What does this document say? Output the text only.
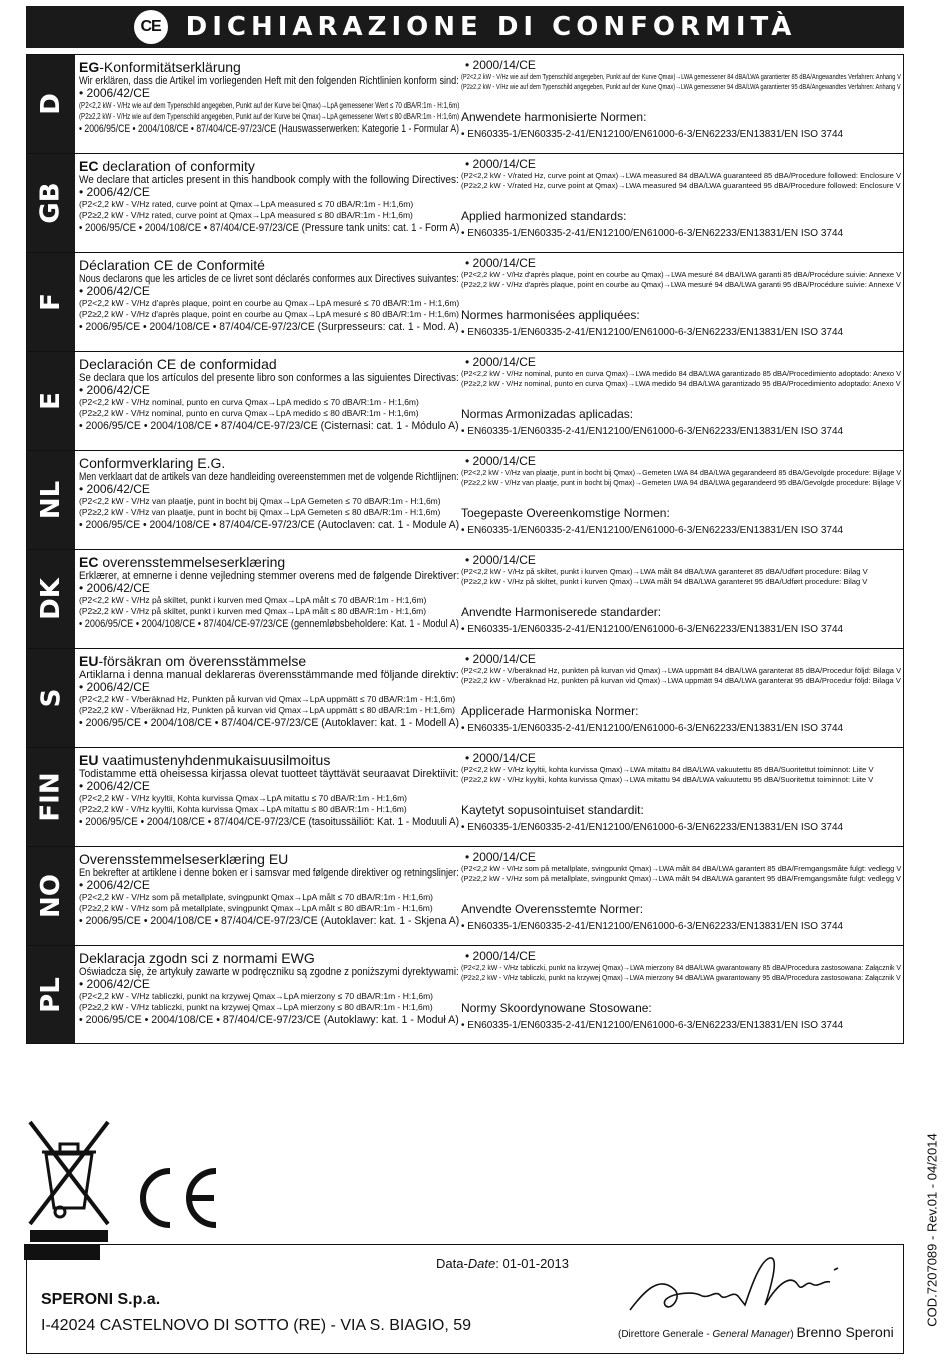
CE DICHIARAZIONE DI CONFORMITÀ
D
EG-Konformitätserklärung
Wir erklären, dass die Artikel im vorliegenden Heft mit den folgenden Richtlinien konform sind:
• 2006/42/CE
(P2<2,2 kW - V/Hz wie auf dem Typenschild angegeben, Punkt auf der Kurve bei Qmax)→LpA gemessener Wert ≤ 70 dBA/R:1m - H:1,6m)
(P2≥2,2 kW - V/Hz wie auf dem Typenschild angegeben, Punkt auf der Kurve bei Qmax)→LpA gemessener Wert ≤ 80 dBA/R:1m - H:1,6m)
• 2006/95/CE • 2004/108/CE • 87/404/CE-97/23/CE (Hauswasserwerken: Kategorie 1 - Formular A)
• 2000/14/CE
(P2<2,2 kW - V/Hz wie auf dem Typenschild angegeben, Punkt auf der Kurve Qmax)→LWA gemessener 84 dBA/LWA garantierter 85 dBA/Angewandtes Verfahren: Anhang V
(P2≥2,2 kW - V/Hz wie auf dem Typenschild angegeben, Punkt auf der Kurve Qmax)→LWA gemessener 94 dBA/LWA garantierter 95 dBA/Angewandtes Verfahren: Anhang V
Anwendete harmonisierte Normen:
• EN60335-1/EN60335-2-41/EN12100/EN61000-6-3/EN62233/EN13831/EN ISO 3744
GB
EC declaration of conformity
We declare that articles present in this handbook comply with the following Directives:
• 2006/42/CE
(P2<2,2 kW - V/Hz rated, curve point at Qmax→LpA measured ≤ 70 dBA/R:1m - H:1,6m)
(P2≥2,2 kW - V/Hz rated, curve point at Qmax→LpA measured ≤ 80 dBA/R:1m - H:1,6m)
• 2006/95/CE • 2004/108/CE • 87/404/CE-97/23/CE (Pressure tank units: cat. 1 - Form A)
• 2000/14/CE
(P2<2,2 kW - V/rated Hz, curve point at Qmax)→LWA measured 84 dBA/LWA guaranteed 85 dBA/Procedure followed: Enclosure V
(P2≥2,2 kW - V/rated Hz, curve point at Qmax)→LWA measured 94 dBA/LWA guaranteed 95 dBA/Procedure followed: Enclosure V
Applied harmonized standards:
• EN60335-1/EN60335-2-41/EN12100/EN61000-6-3/EN62233/EN13831/EN ISO 3744
F
Déclaration CE de Conformité
Nous declarons que les articles de ce livret sont déclarés conformes aux Directives suivantes:
• 2006/42/CE
(P2<2,2 kW - V/Hz d'après plaque, point en courbe au Qmax→LpA mesuré ≤ 70 dBA/R:1m - H:1,6m)
(P2≥2,2 kW - V/Hz d'après plaque, point en courbe au Qmax→LpA mesuré ≤ 80 dBA/R:1m - H:1,6m)
• 2006/95/CE • 2004/108/CE • 87/404/CE-97/23/CE (Surpresseurs: cat. 1 - Mod. A)
• 2000/14/CE
(P2<2,2 kW - V/Hz d'après plaque, point en courbe au Qmax)→LWA mesuré 84 dBA/LWA garanti 85 dBA/Procédure suivie: Annexe V
(P2≥2,2 kW - V/Hz d'après plaque, point en courbe au Qmax)→LWA mesuré 94 dBA/LWA garanti 95 dBA/Procédure suivie: Annexe V
Normes harmonisées appliquées:
• EN60335-1/EN60335-2-41/EN12100/EN61000-6-3/EN62233/EN13831/EN ISO 3744
E
Declaración CE de conformidad
Se declara que los artículos del presente libro son conformes a las siguientes Directivas:
• 2006/42/CE
(P2<2,2 kW - V/Hz nominal, punto en curva Qmax→LpA medido ≤ 70 dBA/R:1m - H:1,6m)
(P2≥2,2 kW - V/Hz nominal, punto en curva Qmax→LpA medido ≤ 80 dBA/R:1m - H:1,6m)
• 2006/95/CE • 2004/108/CE • 87/404/CE-97/23/CE (Cisternasi: cat. 1 - Módulo A)
• 2000/14/CE
(P2<2,2 kW - V/Hz nominal, punto en curva Qmax)→LWA medido 84 dBA/LWA garantizado 85 dBA/Procedimiento adoptado: Anexo V
(P2≥2,2 kW - V/Hz nominal, punto en curva Qmax)→LWA medido 94 dBA/LWA garantizado 95 dBA/Procedimiento adoptado: Anexo V
Normas Armonizadas aplicadas:
• EN60335-1/EN60335-2-41/EN12100/EN61000-6-3/EN62233/EN13831/EN ISO 3744
NL
Conformverklaring E.G.
Men verklaart dat de artikels van deze handleiding overeenstemmen met de volgende Richtlijnen:
• 2006/42/CE
(P2<2,2 kW - V/Hz van plaatje, punt in bocht bij Qmax→LpA Gemeten ≤ 70 dBA/R:1m - H:1,6m)
(P2≥2,2 kW - V/Hz van plaatje, punt in bocht bij Qmax→LpA Gemeten ≤ 80 dBA/R:1m - H:1,6m)
• 2006/95/CE • 2004/108/CE • 87/404/CE-97/23/CE (Autoclaven: cat. 1 - Module A)
• 2000/14/CE
(P2<2,2 kW - V/Hz van plaatje, punt in bocht bij Qmax)→Gemeten LWA 84 dBA/LWA gegarandeerd 85 dBA/Gevolgde procedure: Bijlage V
(P2≥2,2 kW - V/Hz van plaatje, punt in bocht bij Qmax)→Gemeten LWA 94 dBA/LWA gegarandeerd 95 dBA/Gevolgde procedure: Bijlage V
Toegepaste Overeenkomstige Normen:
• EN60335-1/EN60335-2-41/EN12100/EN61000-6-3/EN62233/EN13831/EN ISO 3744
DK
EC overensstemmelseserklæring
Erklærer, at emnerne i denne vejledning stemmer overens med de følgende Direktiver:
• 2006/42/CE
(P2<2,2 kW - V/Hz på skiltet, punkt i kurven med Qmax→LpA målt ≤ 70 dBA/R:1m - H:1,6m)
(P2≥2,2 kW - V/Hz på skiltet, punkt i kurven med Qmax→LpA målt ≤ 80 dBA/R:1m - H:1,6m)
• 2006/95/CE • 2004/108/CE • 87/404/CE-97/23/CE (gennemløbsbeholdere: Kat. 1 - Modul A)
• 2000/14/CE
(P2<2,2 kW - V/Hz på skiltet, punkt i kurven Qmax)→LWA målt 84 dBA/LWA garanteret 85 dBA/Udført procedure: Bilag V
(P2≥2,2 kW - V/Hz på skiltet, punkt i kurven Qmax)→LWA målt 94 dBA/LWA garanteret 95 dBA/Udført procedure: Bilag V
Anvendte Harmoniserede standarder:
• EN60335-1/EN60335-2-41/EN12100/EN61000-6-3/EN62233/EN13831/EN ISO 3744
S
EU-försäkran om överensstämmelse
Artiklarna i denna manual deklareras överensstämmande med följande direktiv:
• 2006/42/CE
(P2<2,2 kW - V/beräknad Hz, Punkten på kurvan vid Qmax→LpA uppmätt ≤ 70 dBA/R:1m - H:1,6m)
(P2≥2,2 kW - V/beräknad Hz, Punkten på kurvan vid Qmax→LpA uppmätt ≤ 80 dBA/R:1m - H:1,6m)
• 2006/95/CE • 2004/108/CE • 87/404/CE-97/23/CE (Autoklaver: kat. 1 - Modell A)
• 2000/14/CE
(P2<2,2 kW - V/beräknad Hz, punkten på kurvan vid Qmax)→LWA uppmätt 84 dBA/LWA garanterat 85 dBA/Procedur följd: Bilaga V
(P2≥2,2 kW - V/beräknad Hz, punkten på kurvan vid Qmax)→LWA uppmätt 94 dBA/LWA garanterat 95 dBA/Procedur följd: Bilaga V
Applicerade Harmoniska Normer:
• EN60335-1/EN60335-2-41/EN12100/EN61000-6-3/EN62233/EN13831/EN ISO 3744
FIN
EU vaatimustenyhdenmukaisuusilmoitus
Todistamme että oheisessa kirjassa olevat tuotteet täyttävät seuraavat Direktiivit:
• 2006/42/CE
(P2<2,2 kW - V/Hz kyyltii, Kohta kurvissa Qmax→LpA mitattu ≤ 70 dBA/R:1m - H:1,6m)
(P2≥2,2 kW - V/Hz kyyltii, Kohta kurvissa Qmax→LpA mitattu ≤ 80 dBA/R:1m - H:1,6m)
• 2006/95/CE • 2004/108/CE • 87/404/CE-97/23/CE (tasoitussäiliöt: Kat. 1 - Moduuli A)
• 2000/14/CE
(P2<2,2 kW - V/Hz kyyltii, kohta kurvissa Qmax)→LWA mitattu 84 dBA/LWA vakuutettu 85 dBA/Suoritettut toiminnot: Liite V
(P2≥2,2 kW - V/Hz kyyltii, kohta kurvissa Qmax)→LWA mitattu 94 dBA/LWA vakuutettu 95 dBA/Suoritettut toiminnot: Liite V
Kaytetyt sopusointuiset standardit:
• EN60335-1/EN60335-2-41/EN12100/EN61000-6-3/EN62233/EN13831/EN ISO 3744
NO
Overensstemmelseserklæring EU
En bekrefter at artiklene i denne boken er i samsvar med følgende direktiver og retningslinjer:
• 2006/42/CE
(P2<2,2 kW - V/Hz som på metallplate, svingpunkt Qmax→LpA målt ≤ 70 dBA/R:1m - H:1,6m)
(P2≥2,2 kW - V/Hz som på metallplate, svingpunkt Qmax→LpA målt ≤ 80 dBA/R:1m - H:1,6m)
• 2006/95/CE • 2004/108/CE • 87/404/CE-97/23/CE (Autoklaver: kat. 1 - Skjena A)
• 2000/14/CE
(P2<2,2 kW - V/Hz som på metallplate, svingpunkt Qmax)→LWA målt 84 dBA/LWA garantert 85 dBA/Fremgangsmåte fulgt: vedlegg V
(P2≥2,2 kW - V/Hz som på metallplate, svingpunkt Qmax)→LWA målt 94 dBA/LWA garantert 95 dBA/Fremgangsmåte fulgt: vedlegg V
Anvendte Overensstemte Normer:
• EN60335-1/EN60335-2-41/EN12100/EN61000-6-3/EN62233/EN13831/EN ISO 3744
PL
Deklaracja zgodn sci z normami EWG
Oświadcza się, że artykuły zawarte w podręczniku są zgodne z poniższymi dyrektywami:
• 2006/42/CE
(P2<2,2 kW - V/Hz tabliczki, punkt na krzywej Qmax→LpA mierzony ≤ 70 dBA/R:1m - H:1,6m)
(P2≥2,2 kW - V/Hz tabliczki, punkt na krzywej Qmax→LpA mierzony ≤ 80 dBA/R:1m - H:1,6m)
• 2006/95/CE • 2004/108/CE • 87/404/CE-97/23/CE (Autoklawy: kat. 1 - Moduł A)
• 2000/14/CE
(P2<2,2 kW - V/Hz tabliczki, punkt na krzywej Qmax)→LWA mierzony 84 dBA/LWA gwarantowany 85 dBA/Procedura zastosowana: Załącznik V
(P2≥2,2 kW - V/Hz tabliczki, punkt na krzywej Qmax)→LWA mierzony 94 dBA/LWA gwarantowany 95 dBA/Procedura zastosowana: Załącznik V
Normy Skoordynowane Stosowane:
• EN60335-1/EN60335-2-41/EN12100/EN61000-6-3/EN62233/EN13831/EN ISO 3744
SPERONI S.p.a.
I-42024 CASTELNOVO DI SOTTO (RE) - VIA S. BIAGIO, 59
Data-Date: 01-01-2013
(Direttore Generale - General Manager) Brenno Speroni
COD.7207089 - Rev.01 - 04/2014
